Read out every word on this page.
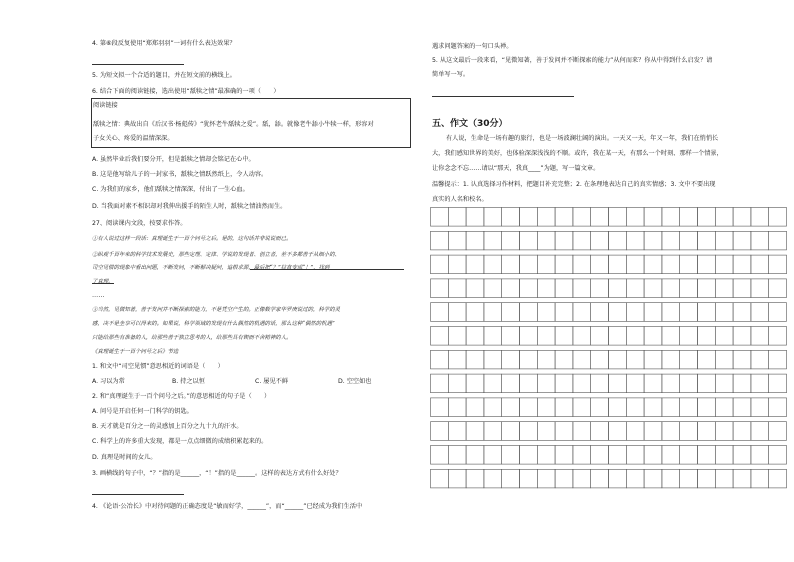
4. 第⑥段反复使用“郑郑羽羽”一词有什么表达效果？
5. 为短文拟一个合适的题目，并在短文前的横线上。
6. 结合下面的阅读链接，选出使用“舐犊之情”最准确的一项（　　）
阅读链接
舐犊之情：典故出自《后汉书·杨彪传》“犹怀老牛舐犊之爱”。舐，舔。就像老牛舔小牛犊一样，形容对
子女关心、疼爱的温情深深。
A. 虽然毕业后我们要分开，但是舐犊之情却会铭记在心中。
B. 这是他写给儿子的一封家书，舐犊之情跃然纸上，令人动容。
C. 为我们的家乡，他们舐犊之情深深，付出了一生心血。
D. 当我面对素不相识却对我伸出援手的陌生人时，舐犊之情油然而生。
27、阅读课内文段，按要求作答。
①有人说过这样一段话：真理诞生于一百个问号之后。是的，这句话并非说说而已。
②纵观千百年来的科学技术发展史，那些定理、定律、学说的发现者、创立者，差不多都善于从细小的、
司空见惯的现象中看出问题，不断发问，不断解决疑问，追根求源，最后把“？”拉直变成“！”，找到
了真理。
……
③当然，见微知著，善于发问并不断探索的能力，不是凭空产生的。正像数学家华罗庚说过的，科学的灵
感，决不是坐享可以得来的。如果说，科学领域的发现有什么偶然的机遇的话，那么这种“偶然的机遇”
只能给那些有准备的人，给那些善于独立思考的人，给那些具有锲而不舍精神的人。
《真理诞生于一百个问号之后》节选
1. 和文中“司空见惯”意思相近的词语是（　　）
A. 习以为常	B. 持之以恒	C. 屡见不鲜	D. 空空如也
2. 和“真理诞生于一百个问号之后。”的意思相近的句子是（　　）
A. 问号是开启任何一门科学的钥匙。
B. 天才就是百分之一的灵感加上百分之九十九的汗水。
C. 科学上的许多重大发现，都是一点点细微的成绩积累起来的。
D. 真理是时间的女儿。
3. 画横线的句子中，“？”指的是______，“！”指的是______。这样的表达方式有什么好处？
4. 《论语·公冶长》中对待问题的正确态度是“敏而好学，______”，而“______”已经成为我们生活中
遇求问题答案的一句口头禅。
5. 从这文最后一段来看，“见微知著，善于发问并不断探索的能力”从何而来？你从中得到什么启发？请
简单写一写。
五、作文（30分）
有人说，生命是一场有趣的旅行，也是一场波澜壮阔的演出。一天又一天，年又一年，我们在悄悄长
大，我们感知世界的美好，也体验深深浅浅的不顺。或许，我在某一天，有那么一个时刻、那样一个情景，
让你念念不忘……请以“那天，我真____”为题，写一篇文章。
温馨提示：1. 认真选择习作材料，把题目补充完整；2. 在条理地表达自己的真实情感；3. 文中不要出现
真实的人名和校名。
